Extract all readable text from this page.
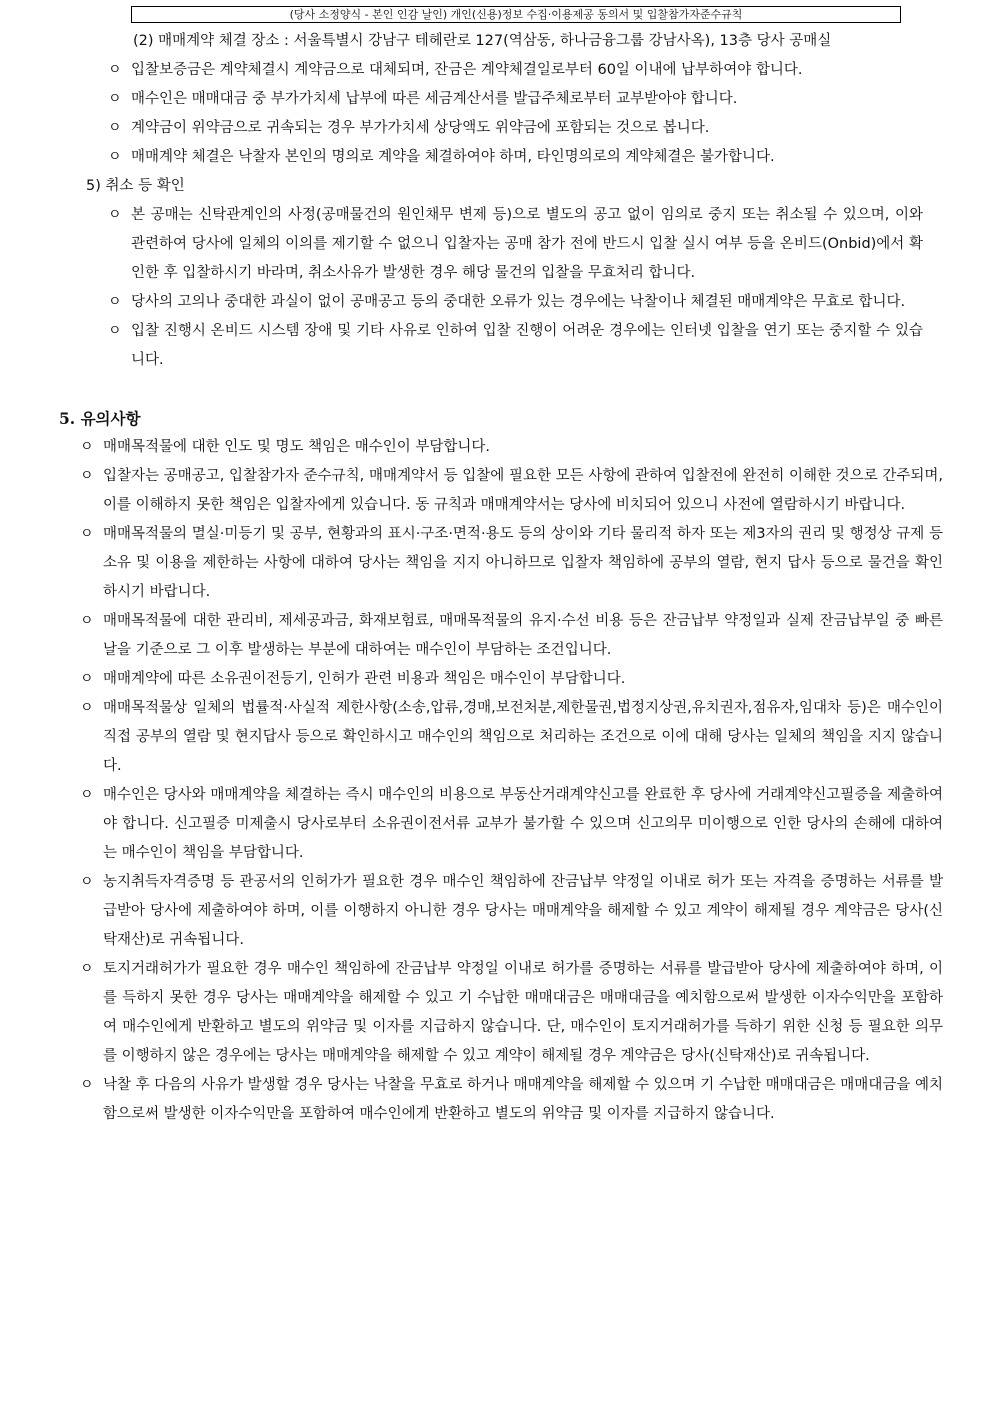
(당사 소정양식 - 본인 인감 날인) 개인(신용)정보 수집·이용제공 동의서 및 입찰참가자준수규칙
(2) 매매계약 체결 장소 : 서울특별시 강남구 테헤란로 127(역삼동, 하나금융그룹 강남사옥), 13층 당사 공매실
ㅇ 입찰보증금은 계약체결시 계약금으로 대체되며, 잔금은 계약체결일로부터 60일 이내에 납부하여야 합니다.
ㅇ 매수인은 매매대금 중 부가가치세 납부에 따른 세금계산서를 발급주체로부터 교부받아야 합니다.
ㅇ 계약금이 위약금으로 귀속되는 경우 부가가치세 상당액도 위약금에 포함되는 것으로 봅니다.
ㅇ 매매계약 체결은 낙찰자 본인의 명의로 계약을 체결하여야 하며, 타인명의로의 계약체결은 불가합니다.
5) 취소 등 확인
ㅇ 본 공매는 신탁관계인의 사정(공매물건의 원인채무 변제 등)으로 별도의 공고 없이 임의로 중지 또는 취소될 수 있으며, 이와 관련하여 당사에 일체의 이의를 제기할 수 없으니 입찰자는 공매 참가 전에 반드시 입찰 실시 여부 등을 온비드(Onbid)에서 확인한 후 입찰하시기 바라며, 취소사유가 발생한 경우 해당 물건의 입찰을 무효처리 합니다.
ㅇ 당사의 고의나 중대한 과실이 없이 공매공고 등의 중대한 오류가 있는 경우에는 낙찰이나 체결된 매매계약은 무효로 합니다.
ㅇ 입찰 진행시 온비드 시스템 장애 및 기타 사유로 인하여 입찰 진행이 어려운 경우에는 인터넷 입찰을 연기 또는 중지할 수 있습니다.
5. 유의사항
ㅇ 매매목적물에 대한 인도 및 명도 책임은 매수인이 부담합니다.
ㅇ 입찰자는 공매공고, 입찰참가자 준수규칙, 매매계약서 등 입찰에 필요한 모든 사항에 관하여 입찰전에 완전히 이해한 것으로 간주되며, 이를 이해하지 못한 책임은 입찰자에게 있습니다. 동 규칙과 매매계약서는 당사에 비치되어 있으니 사전에 열람하시기 바랍니다.
ㅇ 매매목적물의 멸실·미등기 및 공부, 현황과의 표시·구조·면적·용도 등의 상이와 기타 물리적 하자 또는 제3자의 권리 및 행정상 규제 등 소유 및 이용을 제한하는 사항에 대하여 당사는 책임을 지지 아니하므로 입찰자 책임하에 공부의 열람, 현지 답사 등으로 물건을 확인하시기 바랍니다.
ㅇ 매매목적물에 대한 관리비, 제세공과금, 화재보험료, 매매목적물의 유지·수선 비용 등은 잔금납부 약정일과 실제 잔금납부일 중 빠른 날을 기준으로 그 이후 발생하는 부분에 대하여는 매수인이 부담하는 조건입니다.
ㅇ 매매계약에 따른 소유권이전등기, 인허가 관련 비용과 책임은 매수인이 부담합니다.
ㅇ 매매목적물상 일체의 법률적·사실적 제한사항(소송,압류,경매,보전처분,제한물권,법정지상권,유치권자,점유자,임대차 등)은 매수인이 직접 공부의 열람 및 현지답사 등으로 확인하시고 매수인의 책임으로 처리하는 조건으로 이에 대해 당사는 일체의 책임을 지지 않습니다.
ㅇ 매수인은 당사와 매매계약을 체결하는 즉시 매수인의 비용으로 부동산거래계약신고를 완료한 후 당사에 거래계약신고필증을 제출하여야 합니다. 신고필증 미제출시 당사로부터 소유권이전서류 교부가 불가할 수 있으며 신고의무 미이행으로 인한 당사의 손해에 대하여는 매수인이 책임을 부담합니다.
ㅇ 농지취득자격증명 등 관공서의 인허가가 필요한 경우 매수인 책임하에 잔금납부 약정일 이내로 허가 또는 자격을 증명하는 서류를 발급받아 당사에 제출하여야 하며, 이를 이행하지 아니한 경우 당사는 매매계약을 해제할 수 있고 계약이 해제될 경우 계약금은 당사(신탁재산)로 귀속됩니다.
ㅇ 토지거래허가가 필요한 경우 매수인 책임하에 잔금납부 약정일 이내로 허가를 증명하는 서류를 발급받아 당사에 제출하여야 하며, 이를 득하지 못한 경우 당사는 매매계약을 해제할 수 있고 기 수납한 매매대금은 매매대금을 예치함으로써 발생한 이자수익만을 포함하여 매수인에게 반환하고 별도의 위약금 및 이자를 지급하지 않습니다. 단, 매수인이 토지거래허가를 득하기 위한 신청 등 필요한 의무를 이행하지 않은 경우에는 당사는 매매계약을 해제할 수 있고 계약이 해제될 경우 계약금은 당사(신탁재산)로 귀속됩니다.
ㅇ 낙찰 후 다음의 사유가 발생할 경우 당사는 낙찰을 무효로 하거나 매매계약을 해제할 수 있으며 기 수납한 매매대금은 매매대금을 예치함으로써 발생한 이자수익만을 포함하여 매수인에게 반환하고 별도의 위약금 및 이자를 지급하지 않습니다.
